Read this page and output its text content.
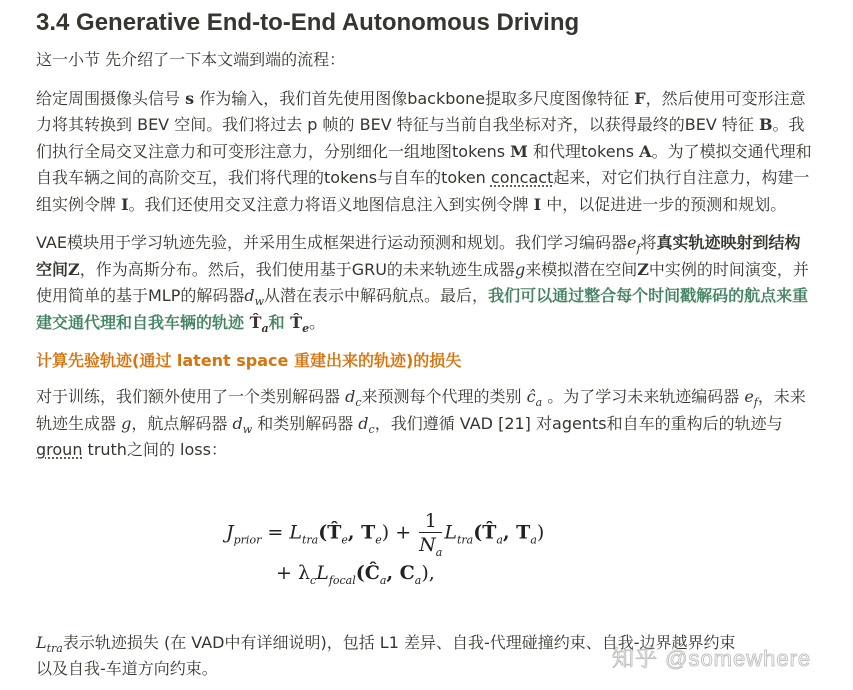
3.4 Generative End-to-End Autonomous Driving

这一小节 先介绍了一下本文端到端的流程：

给定周围摄像头信号 s 作为输入，我们首先使用图像backbone提取多尺度图像特征 F，然后使用可变形注意力将其转换到 BEV 空间。我们将过去 p 帧的 BEV 特征与当前自我坐标对齐，以获得最终的BEV 特征 B。我们执行全局交叉注意力和可变形注意力，分别细化一组地图tokens M 和代理tokens A。为了模拟交通代理和自我车辆之间的高阶交互，我们将代理的tokens与自车的token concact起来，对它们执行自注意力，构建一组实例令牌 I。我们还使用交叉注意力将语义地图信息注入到实例令牌 I 中，以促进进一步的预测和规划。

VAE模块用于学习轨迹先验，并采用生成框架进行运动预测和规划。我们学习编码器$e_f$将真实轨迹映射到结构空间Z，作为高斯分布。然后，我们使用基于GRU的未来轨迹生成器g来模拟潜在空间Z中实例的时间演变，并使用简单的基于MLP的解码器$d_w$从潜在表示中解码航点。最后，我们可以通过整合每个时间戳解码的航点来重建交通代理和自我车辆的轨迹 $T̂_a$和 $T̂_e$。

计算先验轨迹(通过 latent space 重建出来的轨迹)的损失

对于训练，我们额外使用了一个类别解码器 $d_c$来预测每个代理的类别 $ĉ_a$ 。为了学习未来轨迹编码器 $e_f$，未来轨迹生成器 g，航点解码器 $d_w$ 和类别解码器 $d_c$，我们遵循 VAD [21] 对agents和自车的重构后的轨迹与groun truth之间的 loss：

$J_{prior}$ = $L_{tra}(T̂_e$, $T_e) + \frac{1}{N_a}$ $L_{tra}(T̂_a$, $T_a$)
+ $\lambda_cL_{focal}(Ĉ_a$, $C_a$),

$L_{tra}$表示轨迹损失 (在 VAD中有详细说明)，包括 L1 差异、自我-代理碰撞约束、自我-边界越界约束
以及自我-车道方向约束。	知乎 @somewhere
